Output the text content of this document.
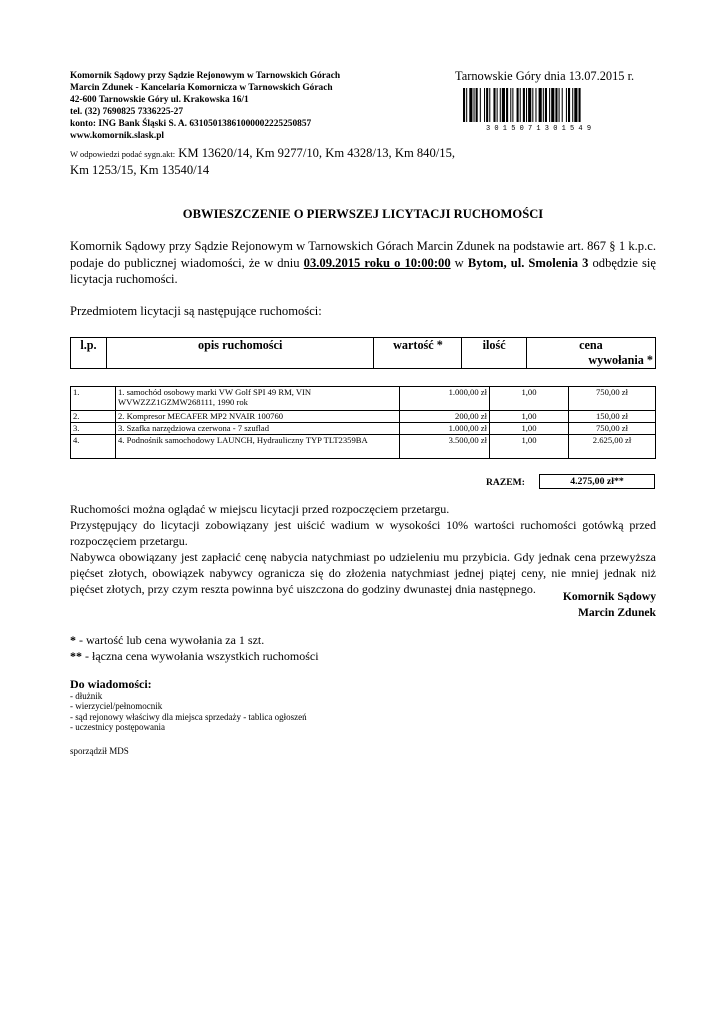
Komornik Sądowy przy Sądzie Rejonowym w Tarnowskich Górach
Marcin Zdunek - Kancelaria Komornicza w Tarnowskich Górach
42-600 Tarnowskie Góry ul. Krakowska 16/1
tel. (32) 7690825 7336225-27
konto: ING Bank Śląski S. A. 63105013861000002225250857
www.komornik.slask.pl
W odpowiedzi podać sygn.akt: KM 13620/14, Km 9277/10, Km 4328/13, Km 840/15, Km 1253/15, Km 13540/14
Tarnowskie Góry dnia 13.07.2015 r.
3 0 1 5 0 7 1 3 0 1 5 4 9
OBWIESZCZENIE O PIERWSZEJ LICYTACJI RUCHOMOŚCI
Komornik Sądowy przy Sądzie Rejonowym w Tarnowskich Górach Marcin Zdunek na podstawie art. 867 § 1 k.p.c. podaje do publicznej wiadomości, że w dniu 03.09.2015 roku o 10:00:00 w Bytom, ul. Smolenia 3 odbędzie się licytacja ruchomości.
Przedmiotem licytacji są następujące ruchomości:
l.p.	opis ruchomości	wartość *	ilość	cena
wywołania *
1.	1. samochód osobowy marki VW Golf SPI 49 RM, VIN WVWZZZ1GZMW268111, 1990 rok	1.000,00 zł	1,00	750,00 zł
2.	2. Kompresor MECAFER MP2 NVAIR 100760	200,00 zł	1,00	150,00 zł
3.	3. Szafka narzędziowa czerwona - 7 szuflad	1.000,00 zł	1,00	750,00 zł
4.	4. Podnośnik samochodowy LAUNCH, Hydrauliczny TYP TLT2359BA	3.500,00 zł	1,00	2.625,00 zł
RAZEM:	4.275,00 zł**

Ruchomości można oglądać w miejscu licytacji przed rozpoczęciem przetargu.

Przystępujący do licytacji zobowiązany jest uiścić wadium w wysokości 10% wartości ruchomości gotówką przed rozpoczęciem przetargu.

Nabywca obowiązany jest zapłacić cenę nabycia natychmiast po udzieleniu mu przybicia. Gdy jednak cena przewyższa pięćset złotych, obowiązek nabywcy ogranicza się do złożenia natychmiast jednej piątej ceny, nie mniej jednak niż pięćset złotych, przy czym reszta powinna być uiszczona do godziny dwunastej dnia następnego.

Komornik Sądowy
Marcin Zdunek
* - wartość lub cena wywołania za 1 szt.
** - łączna cena wywołania wszystkich ruchomości
Do wiadomości:
- dłużnik
- wierzyciel/pełnomocnik
- sąd rejonowy właściwy dla miejsca sprzedaży - tablica ogłoszeń
- uczestnicy postępowania
sporządził MDS
